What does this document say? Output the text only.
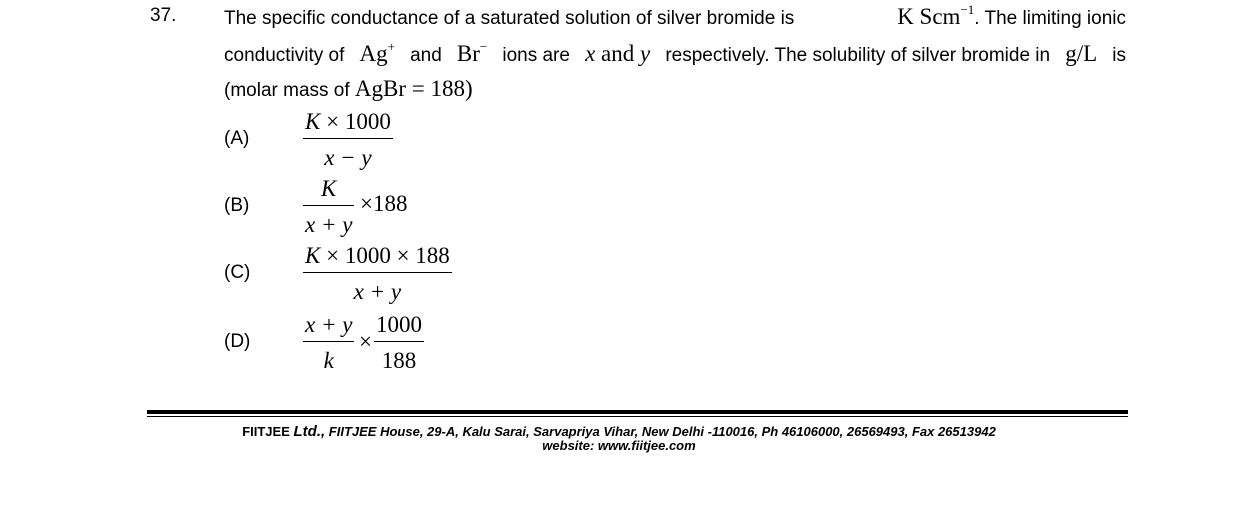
37.	The specific conductance of a saturated solution of silver bromide is	K Scm$^{-1}$. The limiting ionic
conductivity of Ag+ and Br− ions are x and y respectively. The solubility of silver bromide in g/L is
(molar mass of AgBr = 188)
(A)
K × 1000
x − y
(B)
K
x + y
×188
(C)
K × 1000 × 188
x + y
(D)
x + y
k
×
1000
188
FIITJEE Ltd., FIITJEE House, 29-A, Kalu Sarai, Sarvapriya Vihar, New Delhi -110016, Ph 46106000, 26569493, Fax 26513942
website: www.fiitjee.com
